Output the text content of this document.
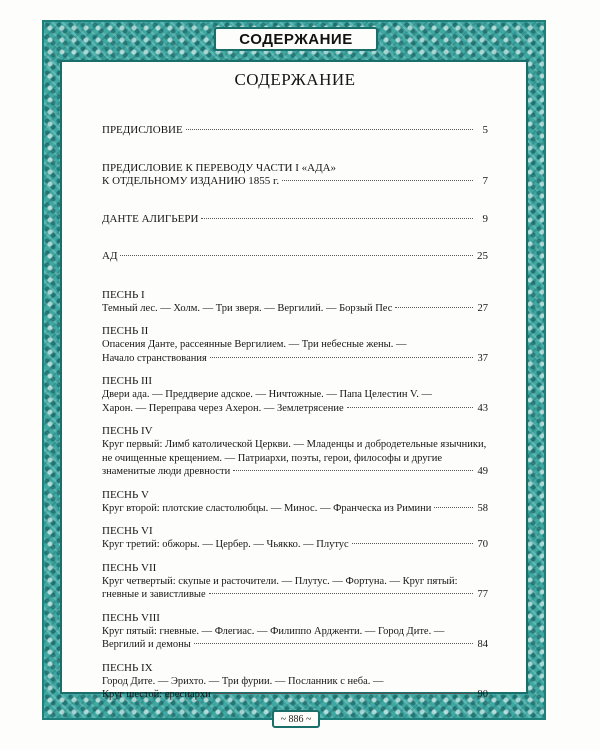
СОДЕРЖАНИЕ
~ 886 ~
СОДЕРЖАНИЕ
ПРЕДИСЛОВИЕ	5
ПРЕДИСЛОВИЕ К ПЕРЕВОДУ ЧАСТИ I «АДА»
К ОТДЕЛЬНОМУ ИЗДАНИЮ 1855 г.	7
ДАНТЕ АЛИГЬЕРИ	9
АД	25
ПЕСНЬ I
Темный лес. — Холм. — Три зверя. — Вергилий. — Борзый Пес	27
ПЕСНЬ II
Опасения Данте, рассеянные Вергилием. — Три небесные жены. —
Начало странствования	37
ПЕСНЬ III
Двери ада. — Преддверие адское. — Ничтожные. — Папа Целестин V. —
Харон. — Переправа через Ахерон. — Землетрясение	43
ПЕСНЬ IV
Круг первый: Лимб католической Церкви. — Младенцы и добродетельные язычники,
не очищенные крещением. — Патриархи, поэты, герои, философы и другие
знаменитые люди древности	49
ПЕСНЬ V
Круг второй: плотские сластолюбцы. — Минос. — Франческа из Римини	58
ПЕСНЬ VI
Круг третий: обжоры. — Цербер. — Чьякко. — Плутус	70
ПЕСНЬ VII
Круг четвертый: скупые и расточители. — Плутус. — Фортуна. — Круг пятый:
гневные и завистливые	77
ПЕСНЬ VIII
Круг пятый: гневные. — Флегиас. — Филиппо Ардженти. — Город Дите. —
Вергилий и демоны	84
ПЕСНЬ IX
Город Дите. — Эрихто. — Три фурии. — Посланник с неба. —
Круг шестой: ересиархи	90
